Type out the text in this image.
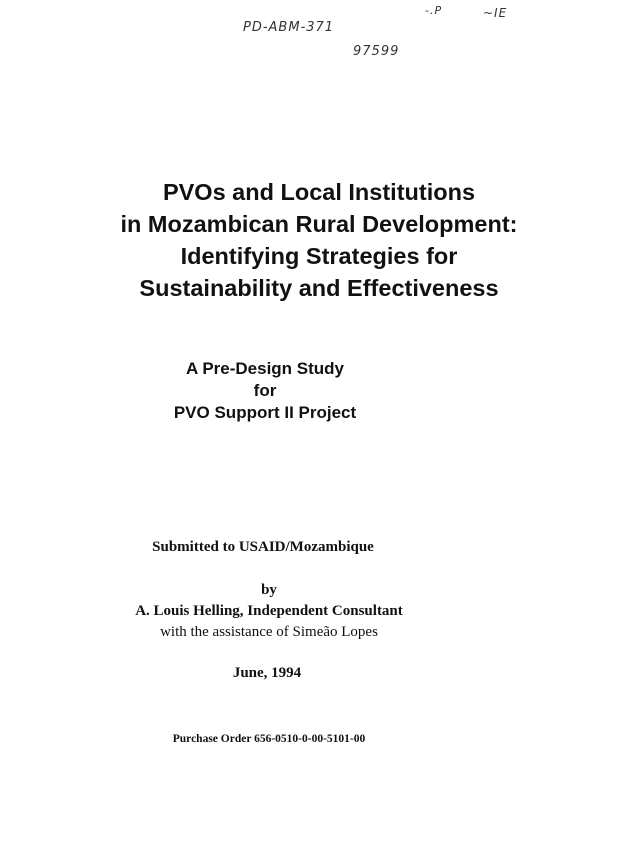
PD-ABM-371
-.P	~IE
97599
PVOs and Local Institutions
in Mozambican Rural Development:
Identifying Strategies for
Sustainability and Effectiveness
A Pre-Design Study
for
PVO Support II Project
Submitted to USAID/Mozambique
by
A. Louis Helling, Independent Consultant
with the assistance of Simeão Lopes
June, 1994
Purchase Order 656-0510-0-00-5101-00
